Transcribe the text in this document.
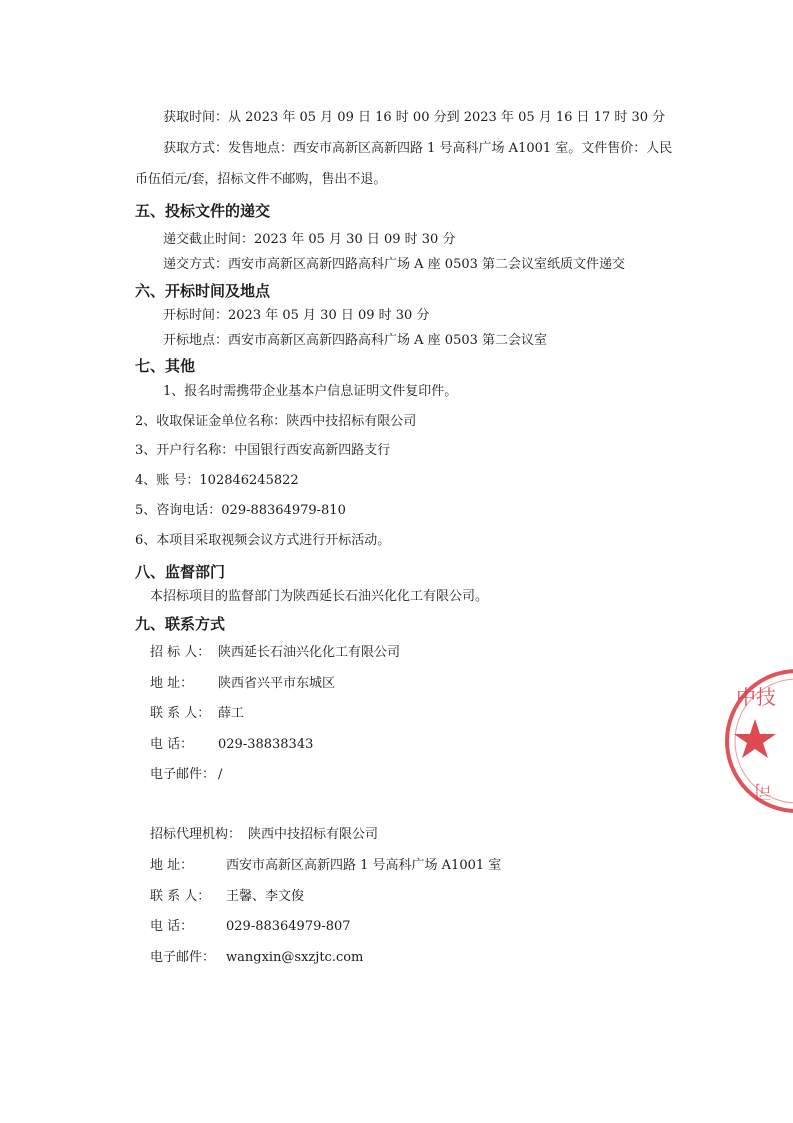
获取时间：从 2023 年 05 月 09 日 16 时 00 分到 2023 年 05 月 16 日 17 时 30 分
获取方式：发售地点：西安市高新区高新四路 1 号高科广场 A1001 室。文件售价：人民
币伍佰元/套，招标文件不邮购，售出不退。
五、投标文件的递交
递交截止时间：2023 年 05 月 30 日 09 时 30 分
递交方式：西安市高新区高新四路高科广场 A 座 0503 第二会议室纸质文件递交
六、开标时间及地点
开标时间：2023 年 05 月 30 日 09 时 30 分
开标地点：西安市高新区高新四路高科广场 A 座 0503 第二会议室
七、其他
1、报名时需携带企业基本户信息证明文件复印件。
2、收取保证金单位名称：陕西中技招标有限公司
3、开户行名称：中国银行西安高新四路支行
4、账 号：102846245822
5、咨询电话：029-88364979-810
6、本项目采取视频会议方式进行开标活动。
八、监督部门
本招标项目的监督部门为陕西延长石油兴化化工有限公司。
九、联系方式
招 标 人： 陕西延长石油兴化化工有限公司
地 址： 陕西省兴平市东城区
联 系 人： 薛工
电 话： 029-38838343
电子邮件： /
招标代理机构： 陕西中技招标有限公司
地 址：	西安市高新区高新四路 1 号高科广场 A1001 室
联 系 人： 王馨、李文俊
电 话：	029-88364979-807
电子邮件： wangxin@sxzjtc.com
中技
司
